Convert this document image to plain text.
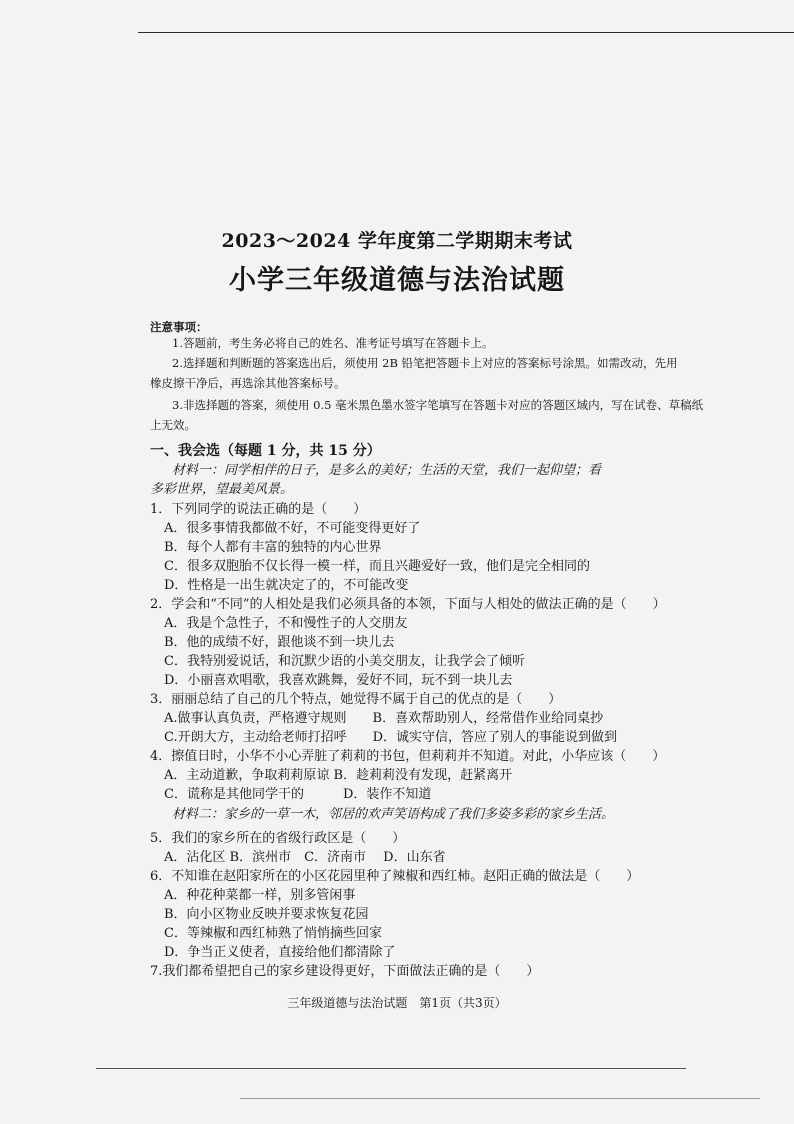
2023～2024 学年度第二学期期末考试
小学三年级道德与法治试题
注意事项：
1.答题前，考生务必将自己的姓名、准考证号填写在答题卡上。
2.选择题和判断题的答案选出后，须使用 2B 铅笔把答题卡上对应的答案标号涂黑。如需改动，先用
橡皮擦干净后，再选涂其他答案标号。
3.非选择题的答案，须使用 0.5 毫米黑色墨水签字笔填写在答题卡对应的答题区域内，写在试卷、草稿纸
上无效。
一、我会选（每题 1 分，共 15 分）
材料一：同学相伴的日子，是多么的美好；生活的天堂，我们一起仰望；看
多彩世界，望最美风景。
1．下列同学的说法正确的是（　　）
A．很多事情我都做不好，不可能变得更好了
B．每个人都有丰富的独特的内心世界
C．很多双胞胎不仅长得一模一样，而且兴趣爱好一致，他们是完全相同的
D．性格是一出生就决定了的，不可能改变
2．学会和“不同”的人相处是我们必须具备的本领，下面与人相处的做法正确的是（　　）
A．我是个急性子，不和慢性子的人交朋友
B．他的成绩不好，跟他谈不到一块儿去
C．我特别爱说话，和沉默少语的小美交朋友，让我学会了倾听
D．小丽喜欢唱歌，我喜欢跳舞，爱好不同，玩不到一块儿去
3．丽丽总结了自己的几个特点，她觉得不属于自己的优点的是（　　）
A.做事认真负责，严格遵守规则　　B．喜欢帮助别人，经常借作业给同桌抄
C.开朗大方，主动给老师打招呼　　D．诚实守信，答应了别人的事能说到做到
4．擦值日时，小华不小心弄脏了莉莉的书包，但莉莉并不知道。对此，小华应该（　　）
A．主动道歉，争取莉莉原谅 B．趁莉莉没有发现，赶紧离开
C．谎称是其他同学干的　　　D．装作不知道
材料二：家乡的一草一木，邻居的欢声笑语构成了我们多姿多彩的家乡生活。
5．我们的家乡所在的省级行政区是（　　）
A．沾化区 B．滨州市　C．济南市　 D．山东省
6．不知谁在赵阳家所在的小区花园里种了辣椒和西红柿。赵阳正确的做法是（　　）
A．种花种菜都一样，别多管闲事
B．向小区物业反映并要求恢复花园
C．等辣椒和西红柿熟了悄悄摘些回家
D．争当正义使者，直接给他们都清除了
7.我们都希望把自己的家乡建设得更好，下面做法正确的是（　　）
三年级道德与法治试题　第1页（共3页）
